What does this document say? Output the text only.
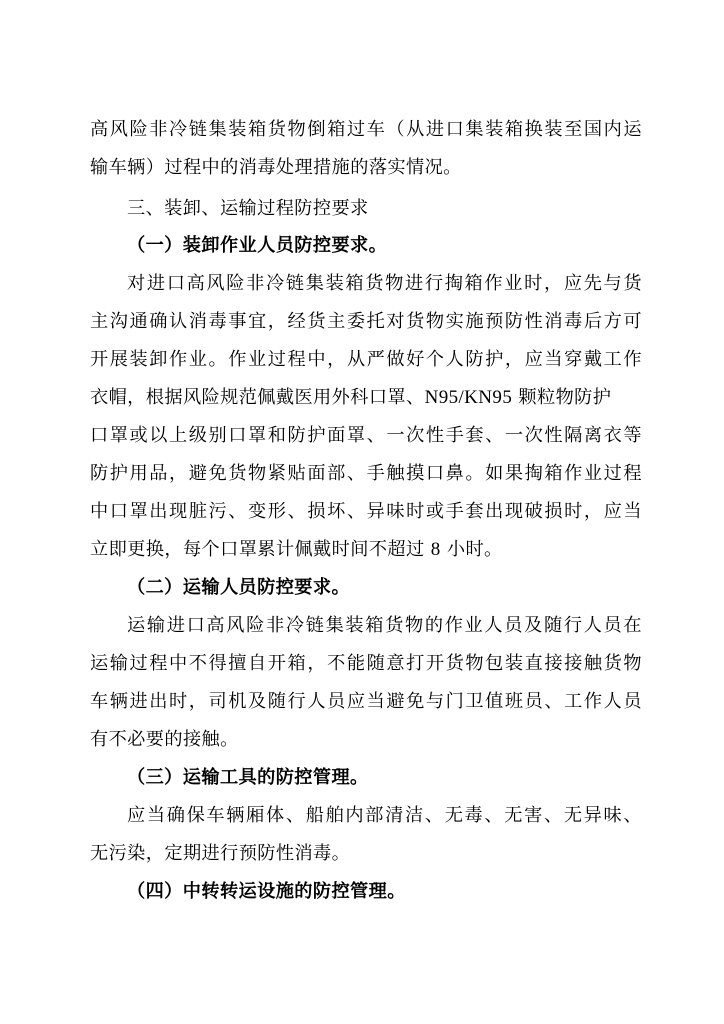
高风险非冷链集装箱货物倒箱过车（从进口集装箱换装至国内运
输车辆）过程中的消毒处理措施的落实情况。
三、装卸、运输过程防控要求
（一）装卸作业人员防控要求。
对进口高风险非冷链集装箱货物进行掏箱作业时，应先与货
主沟通确认消毒事宜，经货主委托对货物实施预防性消毒后方可
开展装卸作业。作业过程中，从严做好个人防护，应当穿戴工作
衣帽，根据风险规范佩戴医用外科口罩、N95/KN95 颗粒物防护
口罩或以上级别口罩和防护面罩、一次性手套、一次性隔离衣等
防护用品，避免货物紧贴面部、手触摸口鼻。如果掏箱作业过程
中口罩出现脏污、变形、损坏、异味时或手套出现破损时，应当
立即更换，每个口罩累计佩戴时间不超过 8 小时。
（二）运输人员防控要求。
运输进口高风险非冷链集装箱货物的作业人员及随行人员在
运输过程中不得擅自开箱，不能随意打开货物包装直接接触货物
车辆进出时，司机及随行人员应当避免与门卫值班员、工作人员
有不必要的接触。
（三）运输工具的防控管理。
应当确保车辆厢体、船舶内部清洁、无毒、无害、无异味、
无污染，定期进行预防性消毒。
（四）中转转运设施的防控管理。
